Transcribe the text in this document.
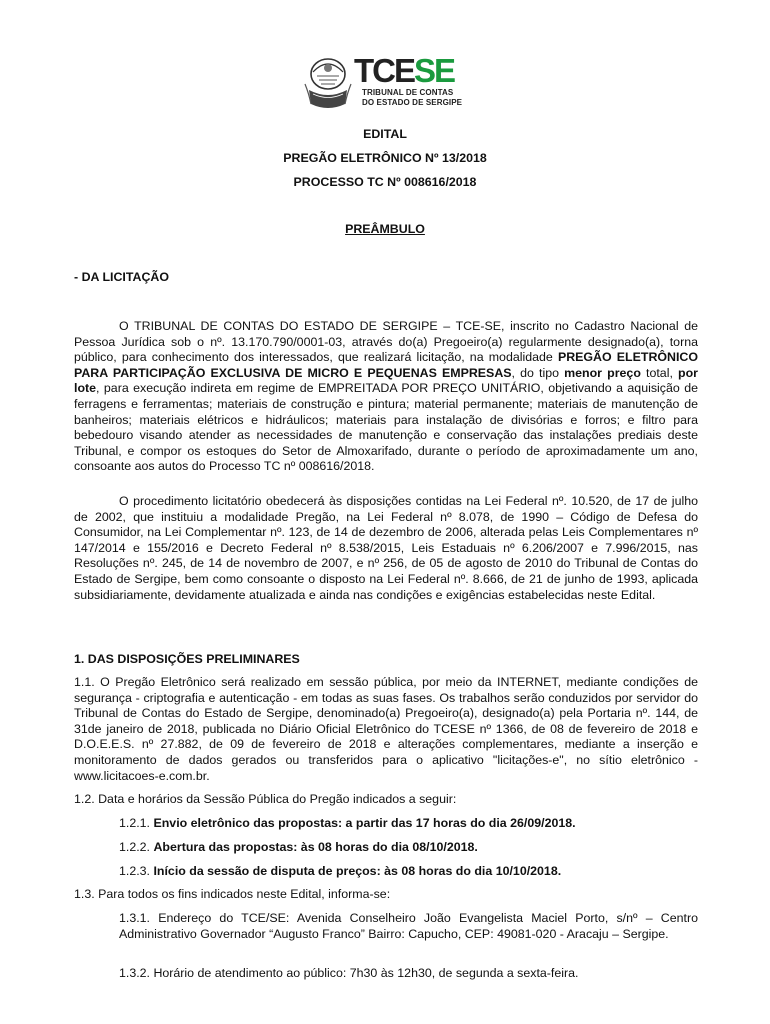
TCESE
TRIBUNAL DE CONTAS
DO ESTADO DE SERGIPE
EDITAL
PREGÃO ELETRÔNICO Nº 13/2018
PROCESSO TC Nº 008616/2018
PREÂMBULO
- DA LICITAÇÃO

O TRIBUNAL DE CONTAS DO ESTADO DE SERGIPE – TCE-SE, inscrito no Cadastro Nacional de Pessoa Jurídica sob o nº. 13.170.790/0001-03, através do(a) Pregoeiro(a) regularmente designado(a), torna público, para conhecimento dos interessados, que realizará licitação, na modalidade PREGÃO ELETRÔNICO PARA PARTICIPAÇÃO EXCLUSIVA DE MICRO E PEQUENAS EMPRESAS, do tipo menor preço total, por lote, para execução indireta em regime de EMPREITADA POR PREÇO UNITÁRIO, objetivando a aquisição de ferragens e ferramentas; materiais de construção e pintura; material permanente; materiais de manutenção de banheiros; materiais elétricos e hidráulicos; materiais para instalação de divisórias e forros; e filtro para bebedouro visando atender as necessidades de manutenção e conservação das instalações prediais deste Tribunal, e compor os estoques do Setor de Almoxarifado, durante o período de aproximadamente um ano, consoante aos autos do Processo TC nº 008616/2018.

O procedimento licitatório obedecerá às disposições contidas na Lei Federal nº. 10.520, de 17 de julho de 2002, que instituiu a modalidade Pregão, na Lei Federal nº 8.078, de 1990 – Código de Defesa do Consumidor, na Lei Complementar nº. 123, de 14 de dezembro de 2006, alterada pelas Leis Complementares nº 147/2014 e 155/2016 e Decreto Federal nº 8.538/2015, Leis Estaduais nº 6.206/2007 e 7.996/2015, nas Resoluções nº. 245, de 14 de novembro de 2007, e nº 256, de 05 de agosto de 2010 do Tribunal de Contas do Estado de Sergipe, bem como consoante o disposto na Lei Federal nº. 8.666, de 21 de junho de 1993, aplicada subsidiariamente, devidamente atualizada e ainda nas condições e exigências estabelecidas neste Edital.

1. DAS DISPOSIÇÕES PRELIMINARES

1.1. O Pregão Eletrônico será realizado em sessão pública, por meio da INTERNET, mediante condições de segurança - criptografia e autenticação - em todas as suas fases. Os trabalhos serão conduzidos por servidor do Tribunal de Contas do Estado de Sergipe, denominado(a) Pregoeiro(a), designado(a) pela Portaria nº. 144, de 31de janeiro de 2018, publicada no Diário Oficial Eletrônico do TCESE nº 1366, de 08 de fevereiro de 2018 e D.O.E.E.S. nº 27.882, de 09 de fevereiro de 2018 e alterações complementares, mediante a inserção e monitoramento de dados gerados ou transferidos para o aplicativo "licitações-e", no sítio eletrônico - www.licitacoes-e.com.br.

1.2. Data e horários da Sessão Pública do Pregão indicados a seguir:

1.2.1. Envio eletrônico das propostas: a partir das 17 horas do dia 26/09/2018.

1.2.2. Abertura das propostas: às 08 horas do dia 08/10/2018.

1.2.3. Início da sessão de disputa de preços: às 08 horas do dia 10/10/2018.

1.3. Para todos os fins indicados neste Edital, informa-se:

1.3.1. Endereço do TCE/SE: Avenida Conselheiro João Evangelista Maciel Porto, s/nº – Centro Administrativo Governador “Augusto Franco” Bairro: Capucho, CEP: 49081-020 - Aracaju – Sergipe.

1.3.2. Horário de atendimento ao público: 7h30 às 12h30, de segunda a sexta-feira.
